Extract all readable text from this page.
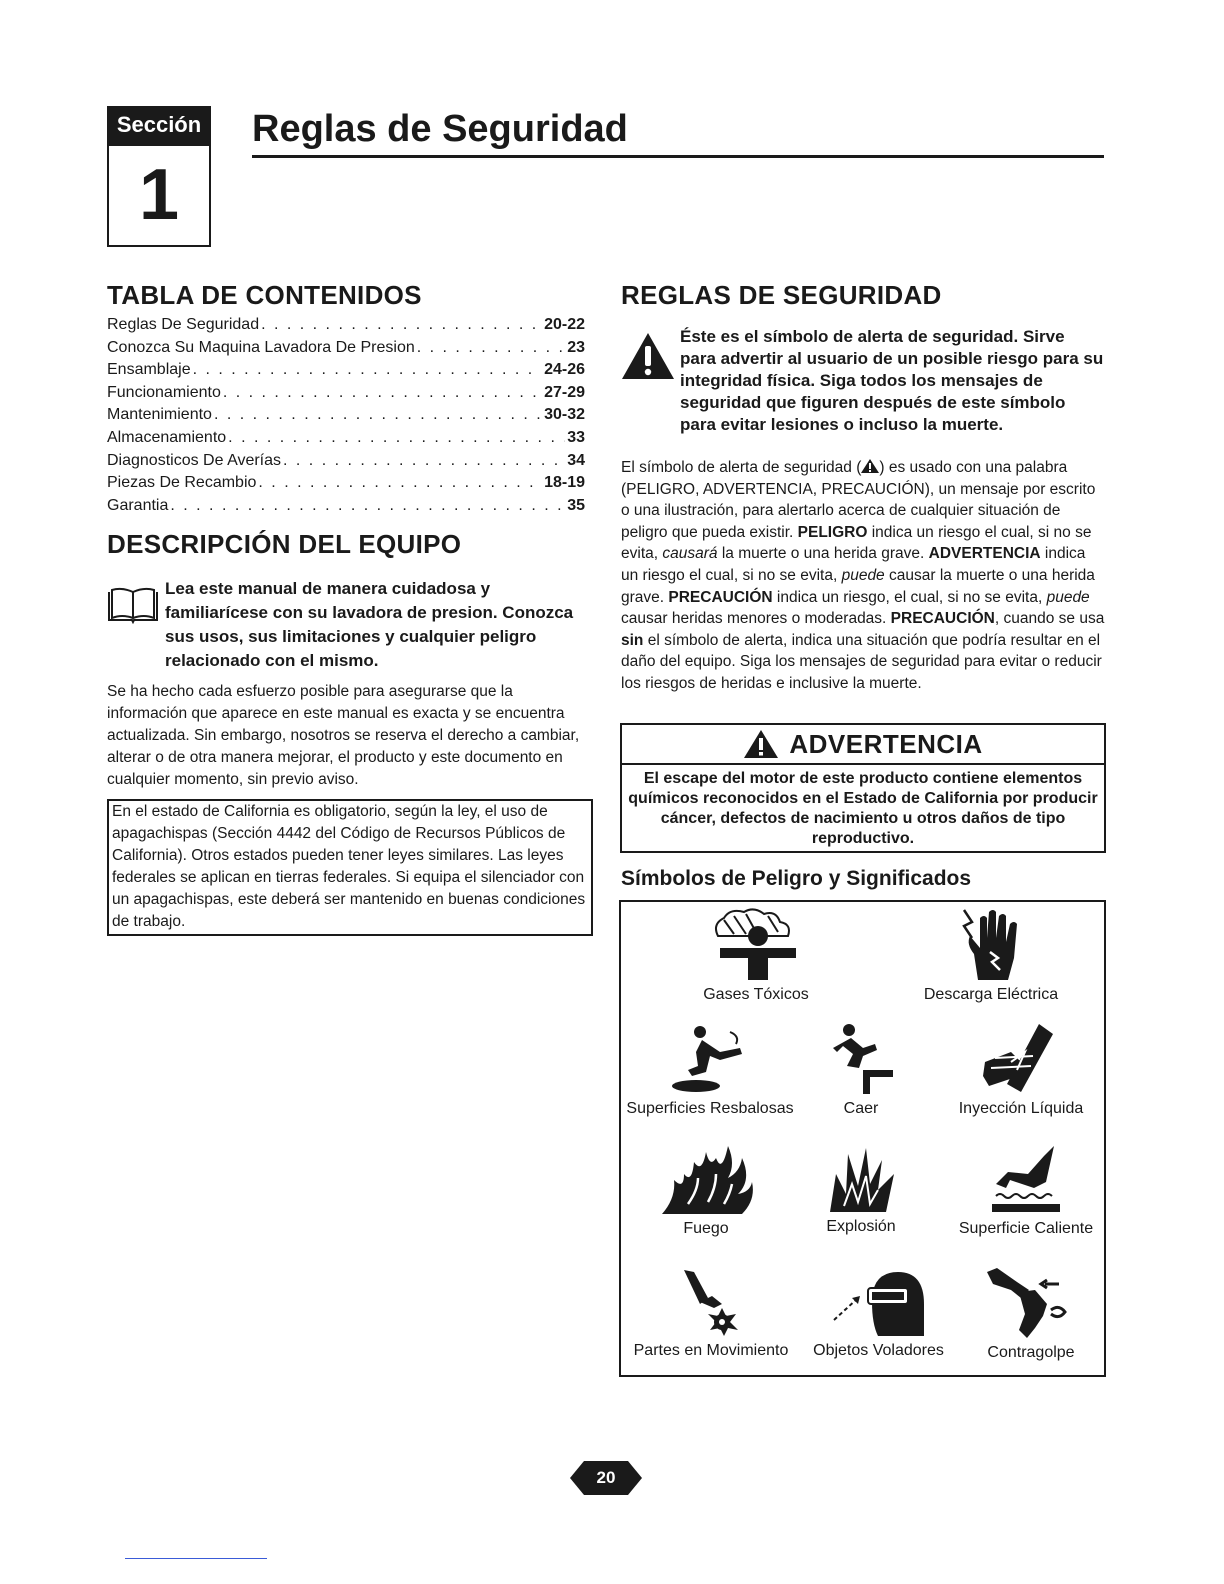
Sección
1
Reglas de Seguridad
TABLA DE CONTENIDOS
Reglas De Seguridad . . .	20-22
Conozca Su Maquina Lavadora De Presion . . .	23
Ensamblaje . . .	24-26
Funcionamiento . . .	27-29
Mantenimiento . . .	30-32
Almacenamiento . . .	33
Diagnosticos De Averías . . .	34
Piezas De Recambio . . .	18-19
Garantia . . .	35
DESCRIPCIÓN DEL EQUIPO
Lea este manual de manera cuidadosa y familiarícese con su lavadora de presion. Conozca sus usos, sus limitaciones y cualquier peligro relacionado con el mismo.
Se ha hecho cada esfuerzo posible para asegurarse que la información que aparece en este manual es exacta y se encuentra actualizada. Sin embargo, nosotros se reserva el derecho a cambiar, alterar o de otra manera mejorar, el producto y este documento en cualquier momento, sin previo aviso.
En el estado de California es obligatorio, según la ley, el uso de apagachispas (Sección 4442 del Código de Recursos Públicos de California). Otros estados pueden tener leyes similares. Las leyes federales se aplican en tierras federales. Si equipa el silenciador con un apagachispas, este deberá ser mantenido en buenas condiciones de trabajo.
REGLAS DE SEGURIDAD
Éste es el símbolo de alerta de seguridad. Sirve para advertir al usuario de un posible riesgo para su integridad física. Siga todos los mensajes de seguridad que figuren después de este símbolo para evitar lesiones o incluso la muerte.
El símbolo de alerta de seguridad ( ) es usado con una palabra (PELIGRO, ADVERTENCIA, PRECAUCIÓN), un mensaje por escrito o una ilustración, para alertarlo acerca de cualquier situación de peligro que pueda existir. PELIGRO indica un riesgo el cual, si no se evita, causará la muerte o una herida grave. ADVERTENCIA indica un riesgo el cual, si no se evita, puede causar la muerte o una herida grave. PRECAUCIÓN indica un riesgo, el cual, si no se evita, puede causar heridas menores o moderadas. PRECAUCIÓN, cuando se usa sin el símbolo de alerta, indica una situación que podría resultar en el daño del equipo. Siga los mensajes de seguridad para evitar o reducir los riesgos de heridas e inclusive la muerte.
ADVERTENCIA
El escape del motor de este producto contiene elementos químicos reconocidos en el Estado de California por producir cáncer, defectos de nacimiento u otros daños de tipo reproductivo.
Símbolos de Peligro y Significados
Gases Tóxicos	Descarga Eléctrica
Superficies Resbalosas	Caer	Inyección Líquida
Fuego	Explosión	Superficie Caliente
Partes en Movimiento	Objetos Voladores	Contragolpe
20
